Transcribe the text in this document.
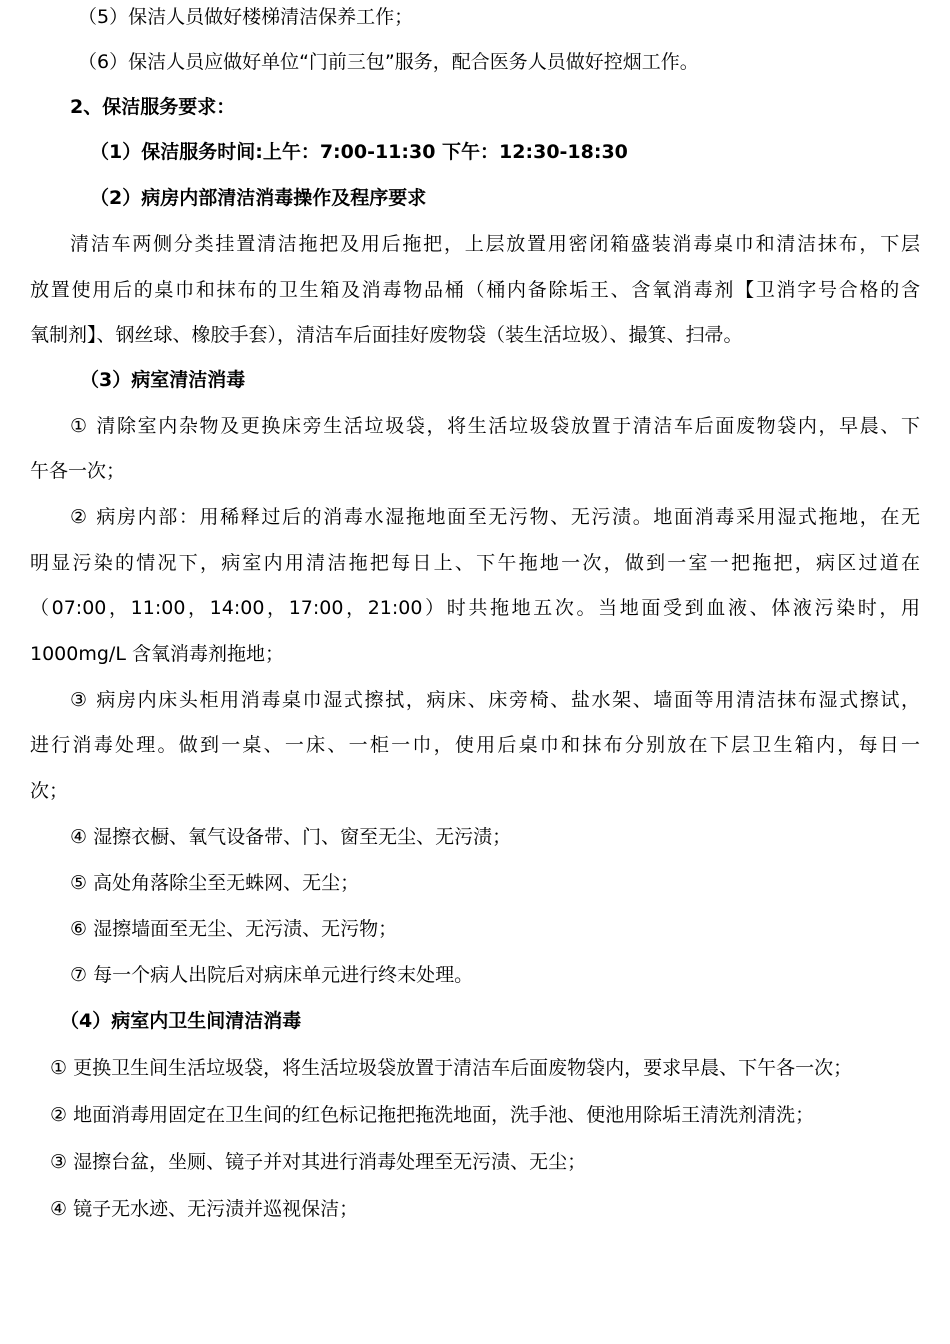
（5）保洁人员做好楼梯清洁保养工作；
（6）保洁人员应做好单位“门前三包”服务，配合医务人员做好控烟工作。
2、保洁服务要求：
（1）保洁服务时间:上午：7:00-11:30 下午：12:30-18:30
（2）病房内部清洁消毒操作及程序要求
清洁车两侧分类挂置清洁拖把及用后拖把，上层放置用密闭箱盛装消毒桌巾和清洁抹布，下层
放置使用后的桌巾和抹布的卫生箱及消毒物品桶（桶内备除垢王、含氧消毒剂【卫消字号合格的含
氧制剂】、钢丝球、橡胶手套），清洁车后面挂好废物袋（装生活垃圾）、撮箕、扫帚。
（3）病室清洁消毒
① 清除室内杂物及更换床旁生活垃圾袋，将生活垃圾袋放置于清洁车后面废物袋内，早晨、下
午各一次；
② 病房内部：用稀释过后的消毒水湿拖地面至无污物、无污渍。地面消毒采用湿式拖地，在无
明显污染的情况下，病室内用清洁拖把每日上、下午拖地一次，做到一室一把拖把，病区过道在
（07:00，11:00，14:00，17:00，21:00）时共拖地五次。当地面受到血液、体液污染时，用
1000mg/L 含氧消毒剂拖地；
③ 病房内床头柜用消毒桌巾湿式擦拭，病床、床旁椅、盐水架、墙面等用清洁抹布湿式擦试，
进行消毒处理。做到一桌、一床、一柜一巾，使用后桌巾和抹布分别放在下层卫生箱内，每日一
次；
④ 湿擦衣橱、氧气设备带、门、窗至无尘、无污渍；
⑤ 高处角落除尘至无蛛网、无尘；
⑥ 湿擦墙面至无尘、无污渍、无污物；
⑦ 每一个病人出院后对病床单元进行终末处理。
（4）病室内卫生间清洁消毒
① 更换卫生间生活垃圾袋，将生活垃圾袋放置于清洁车后面废物袋内，要求早晨、下午各一次；
② 地面消毒用固定在卫生间的红色标记拖把拖洗地面，洗手池、便池用除垢王清洗剂清洗；
③ 湿擦台盆，坐厕、镜子并对其进行消毒处理至无污渍、无尘；
④ 镜子无水迹、无污渍并巡视保洁；
